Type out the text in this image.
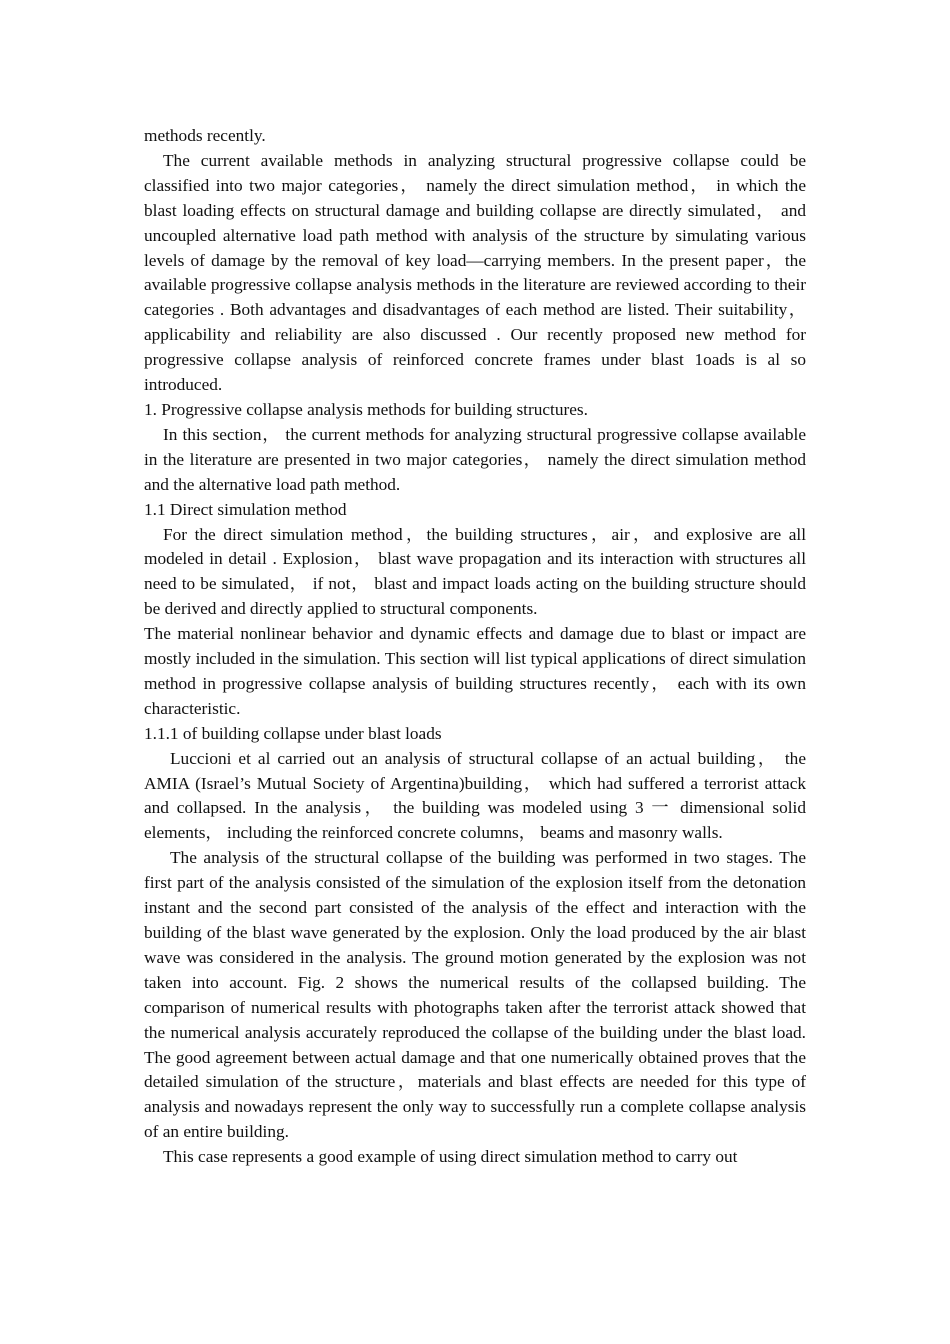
methods recently.

The current available methods in analyzing structural progressive collapse could be classified into two major categories， namely the direct simulation method， in which the blast loading effects on structural damage and building collapse are directly simulated， and uncoupled alternative load path method with analysis of the structure by simulating various levels of damage by the removal of key load—carrying members. In the present paper，the available progressive collapse analysis methods in the literature are reviewed according to their categories . Both advantages and disadvantages of each method are listed. Their suitability，applicability and reliability are also discussed . Our recently proposed new method for progressive collapse analysis of reinforced concrete frames under blast 1oads is al so introduced.

1. Progressive collapse analysis methods for building structures.

In this section， the current methods for analyzing structural progressive collapse available in the literature are presented in two major categories， namely the direct simulation method and the alternative load path method.

1.1 Direct simulation method

For the direct simulation method，the building structures，air，and explosive are all modeled in detail . Explosion， blast wave propagation and its interaction with structures all need to be simulated， if not， blast and impact loads acting on the building structure should be derived and directly applied to structural components.

The material nonlinear behavior and dynamic effects and damage due to blast or impact are mostly included in the simulation. This section will list typical applications of direct simulation method in progressive collapse analysis of building structures recently， each with its own characteristic.

1.1.1 of building collapse under blast loads

Luccioni et al carried out an analysis of structural collapse of an actual building， the AMIA (Israel’s Mutual Society of Argentina)building， which had suffered a terrorist attack and collapsed. In the analysis， the building was modeled using 3 一 dimensional solid elements， including the reinforced concrete columns， beams and masonry walls.

The analysis of the structural collapse of the building was performed in two stages. The first part of the analysis consisted of the simulation of the explosion itself from the detonation instant and the second part consisted of the analysis of the effect and interaction with the building of the blast wave generated by the explosion. Only the load produced by the air blast wave was considered in the analysis. The ground motion generated by the explosion was not taken into account. Fig. 2 shows the numerical results of the collapsed building. The comparison of numerical results with photographs taken after the terrorist attack showed that the numerical analysis accurately reproduced the collapse of the building under the blast load. The good agreement between actual damage and that one numerically obtained proves that the detailed simulation of the structure，materials and blast effects are needed for this type of analysis and nowadays represent the only way to successfully run a complete collapse analysis of an entire building.

This case represents a good example of using direct simulation method to carry out
